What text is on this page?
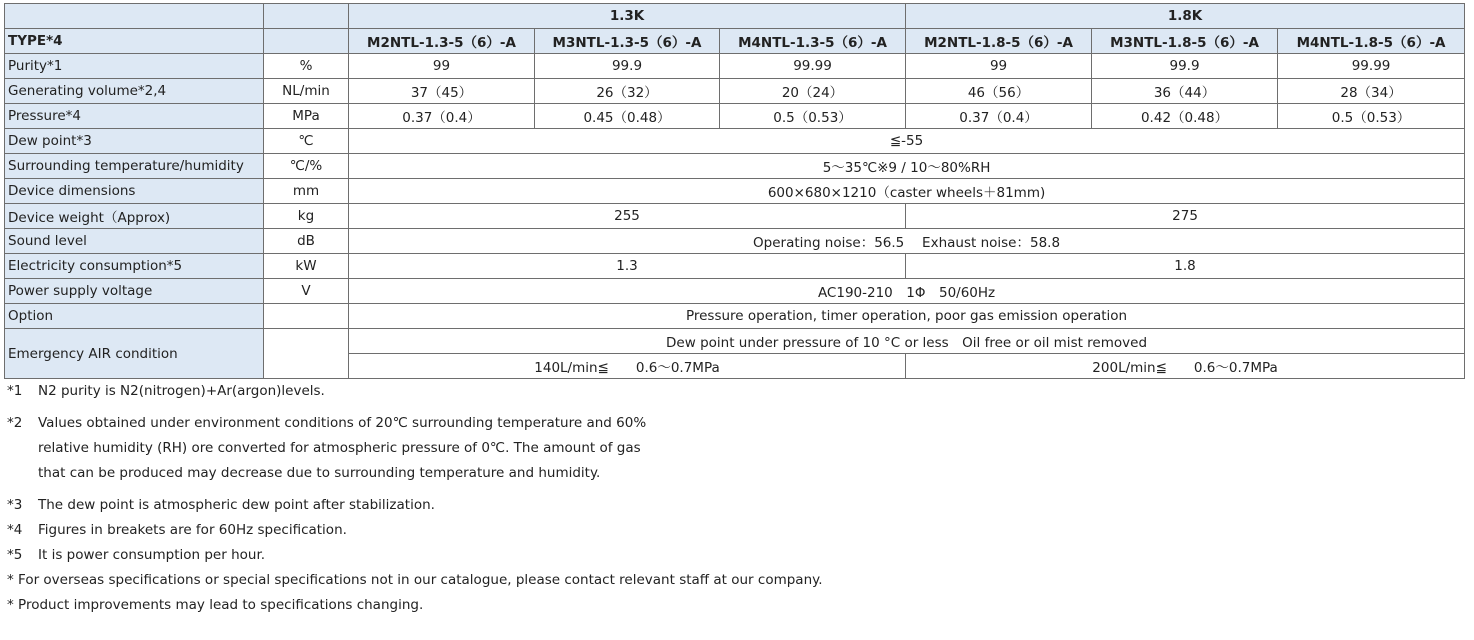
		1.3K			1.8K		
TYPE*4		M2NTL-1.3-5（6）-A	M3NTL-1.3-5（6）-A	M4NTL-1.3-5（6）-A	M2NTL-1.8-5（6）-A	M3NTL-1.8-5（6）-A	M4NTL-1.8-5（6）-A
Purity*1	%	99	99.9	99.99	99	99.9	99.99
Generating volume*2,4	NL/min	37（45）	26（32）	20（24）	46（56）	36（44）	28（34）
Pressure*4	MPa	0.37（0.4）	0.45（0.48）	0.5（0.53）	0.37（0.4）	0.42（0.48）	0.5（0.53）
Dew point*3	℃	≦-55					
Surrounding temperature/humidity	℃/%	5～35℃※9 / 10～80%RH					
Device dimensions	mm	600×680×1210（caster wheels＋81mm)					
Device weight（Approx)	kg	255			275		
Sound level	dB	Operating noise：56.5　 Exhaust noise：58.8					
Electricity consumption*5	kW	1.3			1.8		
Power supply voltage	V	AC190-210　1Φ　50/60Hz					
Option		Pressure operation, timer operation, poor gas emission operation					
Emergency AIR condition		Dew point under pressure of 10 °C or less　Oil free or oil mist removed					
		140L/min≦　　0.6～0.7MPa			200L/min≦　　0.6～0.7MPa		

*1 N2 purity is N2(nitrogen)+Ar(argon)levels.

*2 Values obtained under environment conditions of 20℃ surrounding temperature and 60%

relative humidity (RH) ore converted for atmospheric pressure of 0℃. The amount of gas

that can be produced may decrease due to surrounding temperature and humidity.

*3 The dew point is atmospheric dew point after stabilization.

*4 Figures in breakets are for 60Hz specification.

*5 It is power consumption per hour.

* For overseas specifications or special specifications not in our catalogue, please contact relevant staff at our company.

* Product improvements may lead to specifications changing.
